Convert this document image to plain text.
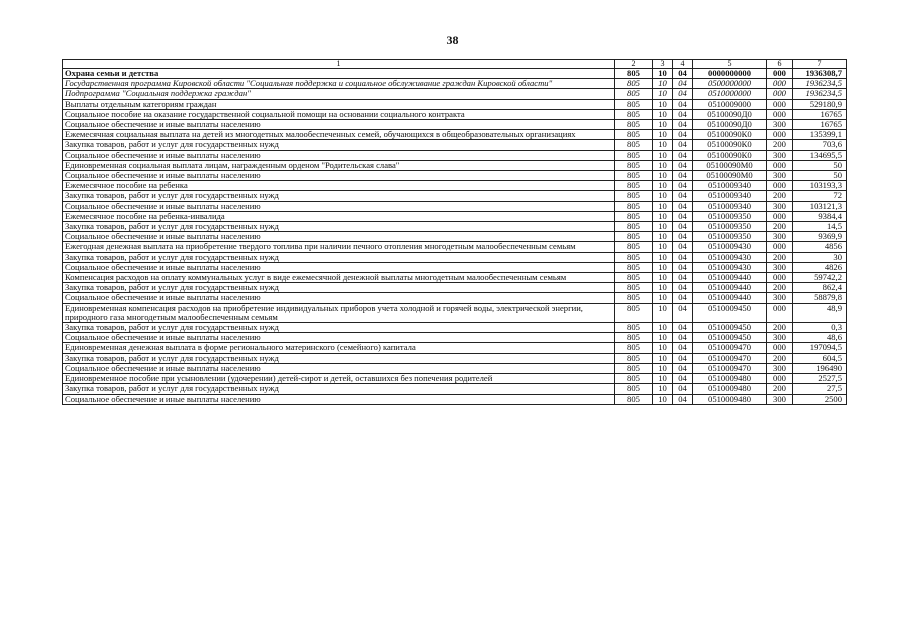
38
1	2	3	4	5	6	7
Охрана семьи и детства	805	10	04	0000000000	000	1936308,7
Государственная программа Кировской области "Социальная поддержка и социальное обслуживание граждан Кировской области"	805	10	04	0500000000	000	1936234,5
Подпрограмма "Социальная поддержка граждан"	805	10	04	0510000000	000	1936234,5
Выплаты отдельным категориям граждан	805	10	04	0510009000	000	529180,9
Социальное пособие на оказание государственной социальной помощи на основании социального контракта	805	10	04	05100090Д0	000	16765
Социальное обеспечение и иные выплаты населению	805	10	04	05100090Д0	300	16765
Ежемесячная социальная выплата на детей из многодетных малообеспеченных семей, обучающихся в общеобразовательных организациях	805	10	04	05100090К0	000	135399,1
Закупка товаров, работ и услуг для государственных нужд	805	10	04	05100090К0	200	703,6
Социальное обеспечение и иные выплаты населению	805	10	04	05100090К0	300	134695,5
Единовременная социальная выплата лицам, награжденным орденом "Родительская слава"	805	10	04	05100090М0	000	50
Социальное обеспечение и иные выплаты населению	805	10	04	05100090М0	300	50
Ежемесячное пособие на ребенка	805	10	04	0510009340	000	103193,3
Закупка товаров, работ и услуг для государственных нужд	805	10	04	0510009340	200	72
Социальное обеспечение и иные выплаты населению	805	10	04	0510009340	300	103121,3
Ежемесячное пособие на ребенка-инвалида	805	10	04	0510009350	000	9384,4
Закупка товаров, работ и услуг для государственных нужд	805	10	04	0510009350	200	14,5
Социальное обеспечение и иные выплаты населению	805	10	04	0510009350	300	9369,9
Ежегодная денежная выплата на приобретение твердого топлива при наличии печного отопления многодетным малообеспеченным семьям	805	10	04	0510009430	000	4856
Закупка товаров, работ и услуг для государственных нужд	805	10	04	0510009430	200	30
Социальное обеспечение и иные выплаты населению	805	10	04	0510009430	300	4826
Компенсация расходов на оплату коммунальных услуг в виде ежемесячной денежной выплаты многодетным малообеспеченным семьям	805	10	04	0510009440	000	59742,2
Закупка товаров, работ и услуг для государственных нужд	805	10	04	0510009440	200	862,4
Социальное обеспечение и иные выплаты населению	805	10	04	0510009440	300	58879,8
Единовременная компенсация расходов на приобретение индивидуальных приборов учета холодной и горячей воды, электрической энергии, природного газа многодетным малообеспеченным семьям	805	10	04	0510009450	000	48,9
Закупка товаров, работ и услуг для государственных нужд	805	10	04	0510009450	200	0,3
Социальное обеспечение и иные выплаты населению	805	10	04	0510009450	300	48,6
Единовременная денежная выплата в форме регионального материнского (семейного) капитала	805	10	04	0510009470	000	197094,5
Закупка товаров, работ и услуг для государственных нужд	805	10	04	0510009470	200	604,5
Социальное обеспечение и иные выплаты населению	805	10	04	0510009470	300	196490
Единовременное пособие при усыновлении (удочерении) детей-сирот и детей, оставшихся без попечения родителей	805	10	04	0510009480	000	2527,5
Закупка товаров, работ и услуг для государственных нужд	805	10	04	0510009480	200	27,5
Социальное обеспечение и иные выплаты населению	805	10	04	0510009480	300	2500
